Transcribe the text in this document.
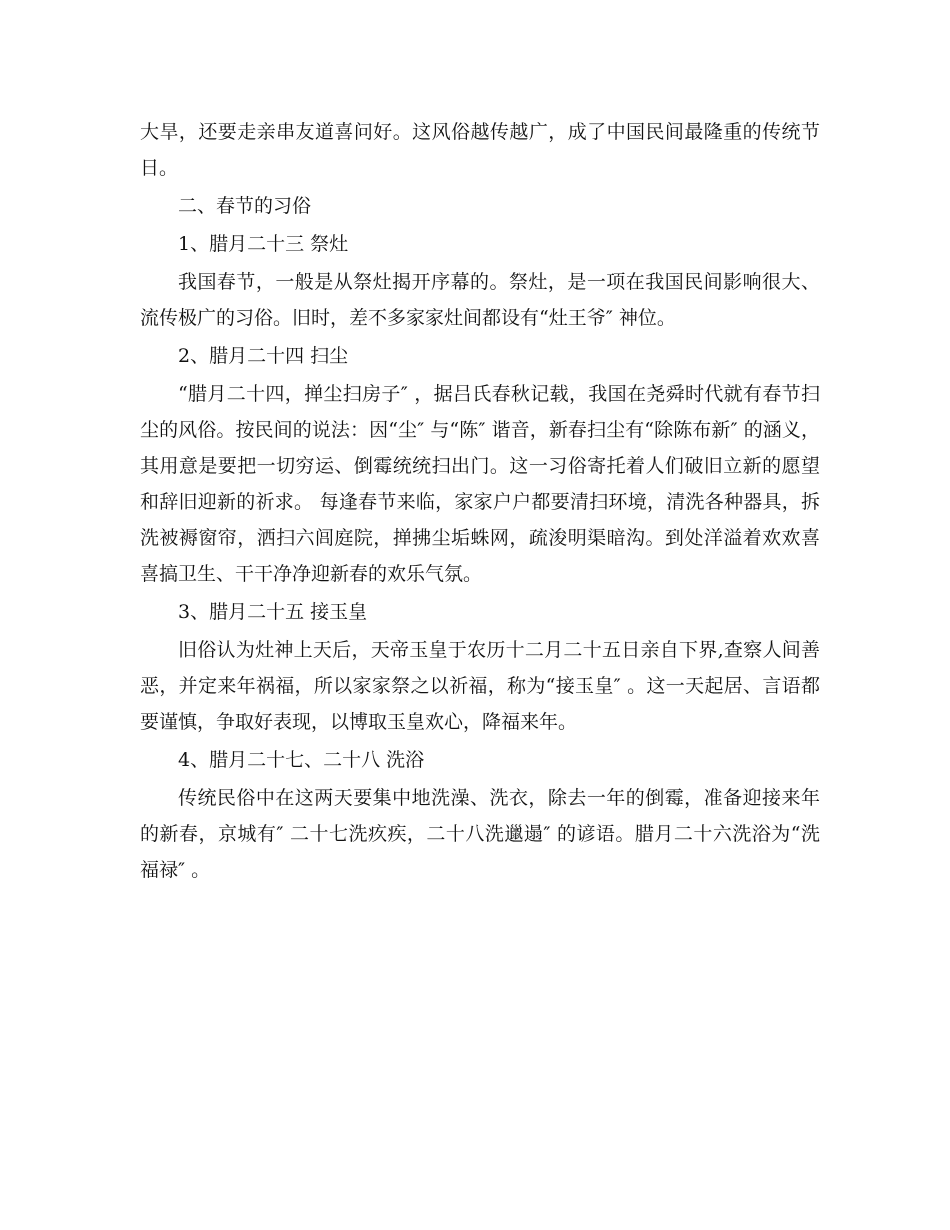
大旱，还要走亲串友道喜问好。这风俗越传越广，成了中国民间最隆重的传统节日。

二、春节的习俗

1、腊月二十三 祭灶

我国春节，一般是从祭灶揭开序幕的。祭灶，是一项在我国民间影响很大、流传极广的习俗。旧时，差不多家家灶间都设有“灶王爷″ 神位。

2、腊月二十四 扫尘

“腊月二十四，掸尘扫房子″ ，据吕氏春秋记载，我国在尧舜时代就有春节扫尘的风俗。按民间的说法：因“尘″ 与“陈″ 谐音，新春扫尘有“除陈布新″ 的涵义，其用意是要把一切穷运、倒霉统统扫出门。这一习俗寄托着人们破旧立新的愿望和辞旧迎新的祈求。 每逢春节来临，家家户户都要清扫环境，清洗各种器具，拆洗被褥窗帘，洒扫六闾庭院，掸拂尘垢蛛网，疏浚明渠暗沟。到处洋溢着欢欢喜喜搞卫生、干干净净迎新春的欢乐气氛。

3、腊月二十五 接玉皇

旧俗认为灶神上天后，天帝玉皇于农历十二月二十五日亲自下界,查察人间善恶，并定来年祸福，所以家家祭之以祈福，称为“接玉皇″ 。这一天起居、言语都要谨慎，争取好表现，以博取玉皇欢心，降福来年。

4、腊月二十七、二十八 洗浴

传统民俗中在这两天要集中地洗澡、洗衣，除去一年的倒霉，准备迎接来年的新春，京城有″ 二十七洗疚疾，二十八洗邋遢″ 的谚语。腊月二十六洗浴为“洗福禄″ 。
